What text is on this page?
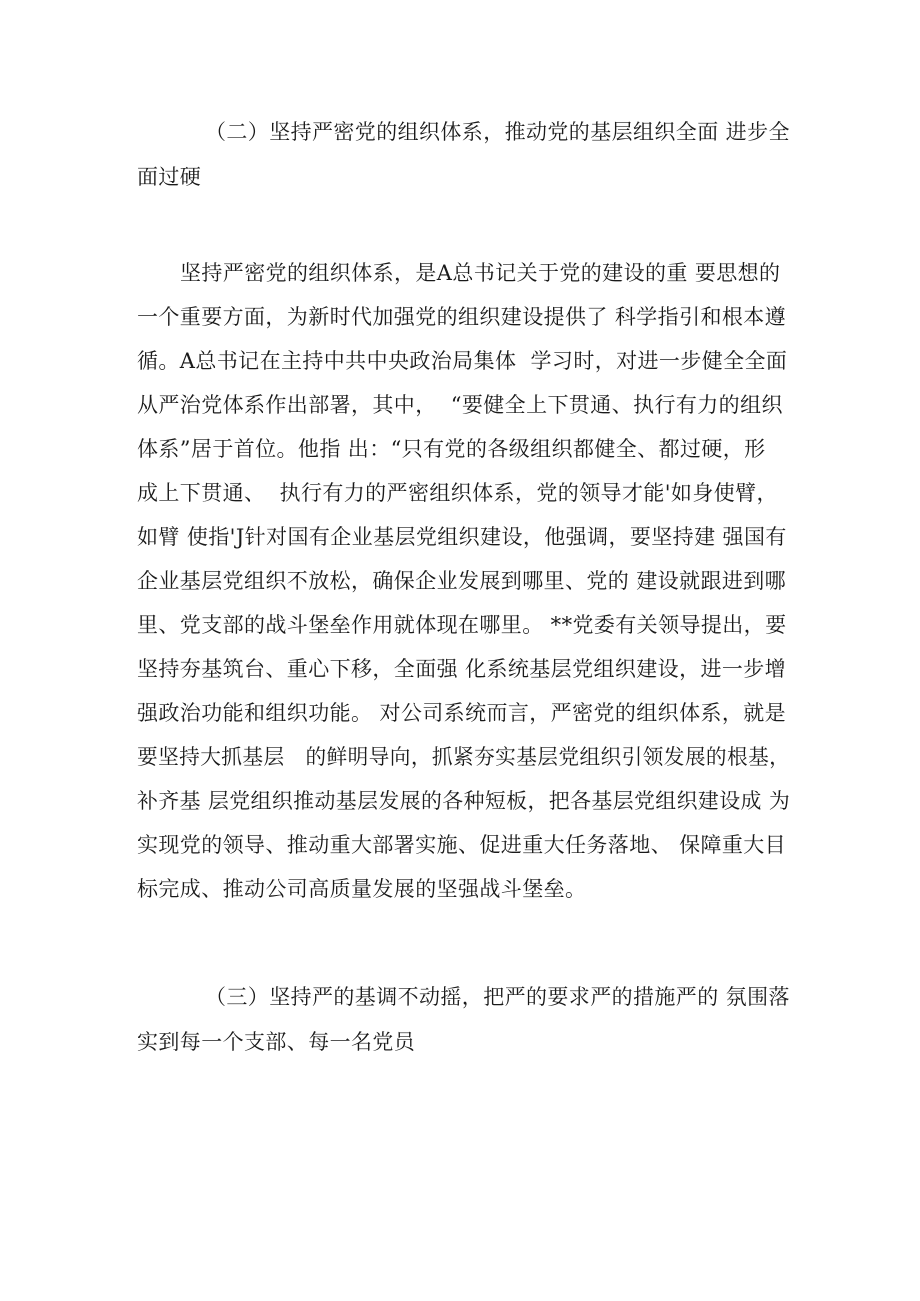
（二）坚持严密党的组织体系，推动党的基层组织全面 进步全
面过硬
坚持严密党的组织体系，是A总书记关于党的建设的重 要思想的
一个重要方面，为新时代加强党的组织建设提供了 科学指引和根本遵
循。A总书记在主持中共中央政治局集体  学习时，对进一步健全全面
从严治党体系作出部署，其中，  “要健全上下贯通、执行有力的组织
体系”居于首位。他指 出：“只有党的各级组织都健全、都过硬，形
成上下贯通、  执行有力的严密组织体系，党的领导才能'如身使臂，
如臂 使指'J针对国有企业基层党组织建设，他强调，要坚持建 强国有
企业基层党组织不放松，确保企业发展到哪里、党的 建设就跟进到哪
里、党支部的战斗堡垒作用就体现在哪里。 **党委有关领导提出，要
坚持夯基筑台、重心下移，全面强 化系统基层党组织建设，进一步增
强政治功能和组织功能。 对公司系统而言，严密党的组织体系，就是
要坚持大抓基层   的鲜明导向，抓紧夯实基层党组织引领发展的根基，
补齐基 层党组织推动基层发展的各种短板，把各基层党组织建设成 为
实现党的领导、推动重大部署实施、促进重大任务落地、 保障重大目
标完成、推动公司高质量发展的坚强战斗堡垒。
（三）坚持严的基调不动摇，把严的要求严的措施严的 氛围落
实到每一个支部、每一名党员
